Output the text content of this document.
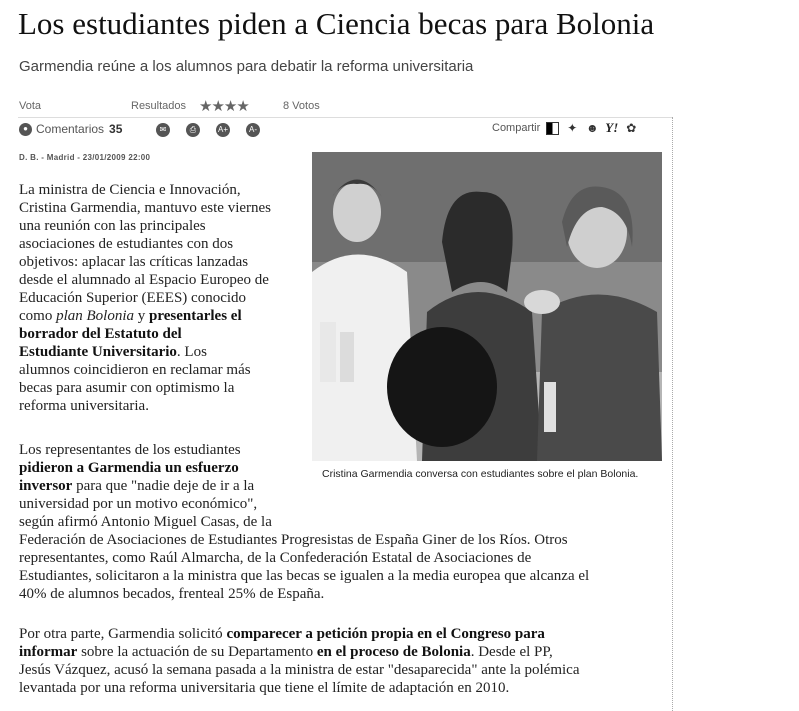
Los estudiantes piden a Ciencia becas para Bolonia
Garmendia reúne a los alumnos para debatir la reforma universitaria
Vota	Resultados ★★★★	8 Votos
● Comentarios 35	✉	⎙	A+	A-	Compartir ✦ ☻ Y! ✿
D. B. - Madrid - 23/01/2009 22:00
Cristina Garmendia conversa con estudiantes sobre el plan Bolonia.
La ministra de Ciencia e Innovación,
Cristina Garmendia, mantuvo este viernes
una reunión con las principales
asociaciones de estudiantes con dos
objetivos: aplacar las críticas lanzadas
desde el alumnado al Espacio Europeo de
Educación Superior (EEES) conocido
como plan Bolonia y presentarles el
borrador del Estatuto del
Estudiante Universitario. Los
alumnos coincidieron en reclamar más
becas para asumir con optimismo la
reforma universitaria.
Los representantes de los estudiantes
pidieron a Garmendia un esfuerzo
inversor para que "nadie deje de ir a la
universidad por un motivo económico",
según afirmó Antonio Miguel Casas, de la
Federación de Asociaciones de Estudiantes Progresistas de España Giner de los Ríos. Otros
representantes, como Raúl Almarcha, de la Confederación Estatal de Asociaciones de
Estudiantes, solicitaron a la ministra que las becas se igualen a la media europea que alcanza el
40% de alumnos becados, frenteal 25% de España.
Por otra parte, Garmendia solicitó comparecer a petición propia en el Congreso para
informar sobre la actuación de su Departamento en el proceso de Bolonia. Desde el PP,
Jesús Vázquez, acusó la semana pasada a la ministra de estar "desaparecida" ante la polémica
levantada por una reforma universitaria que tiene el límite de adaptación en 2010.
